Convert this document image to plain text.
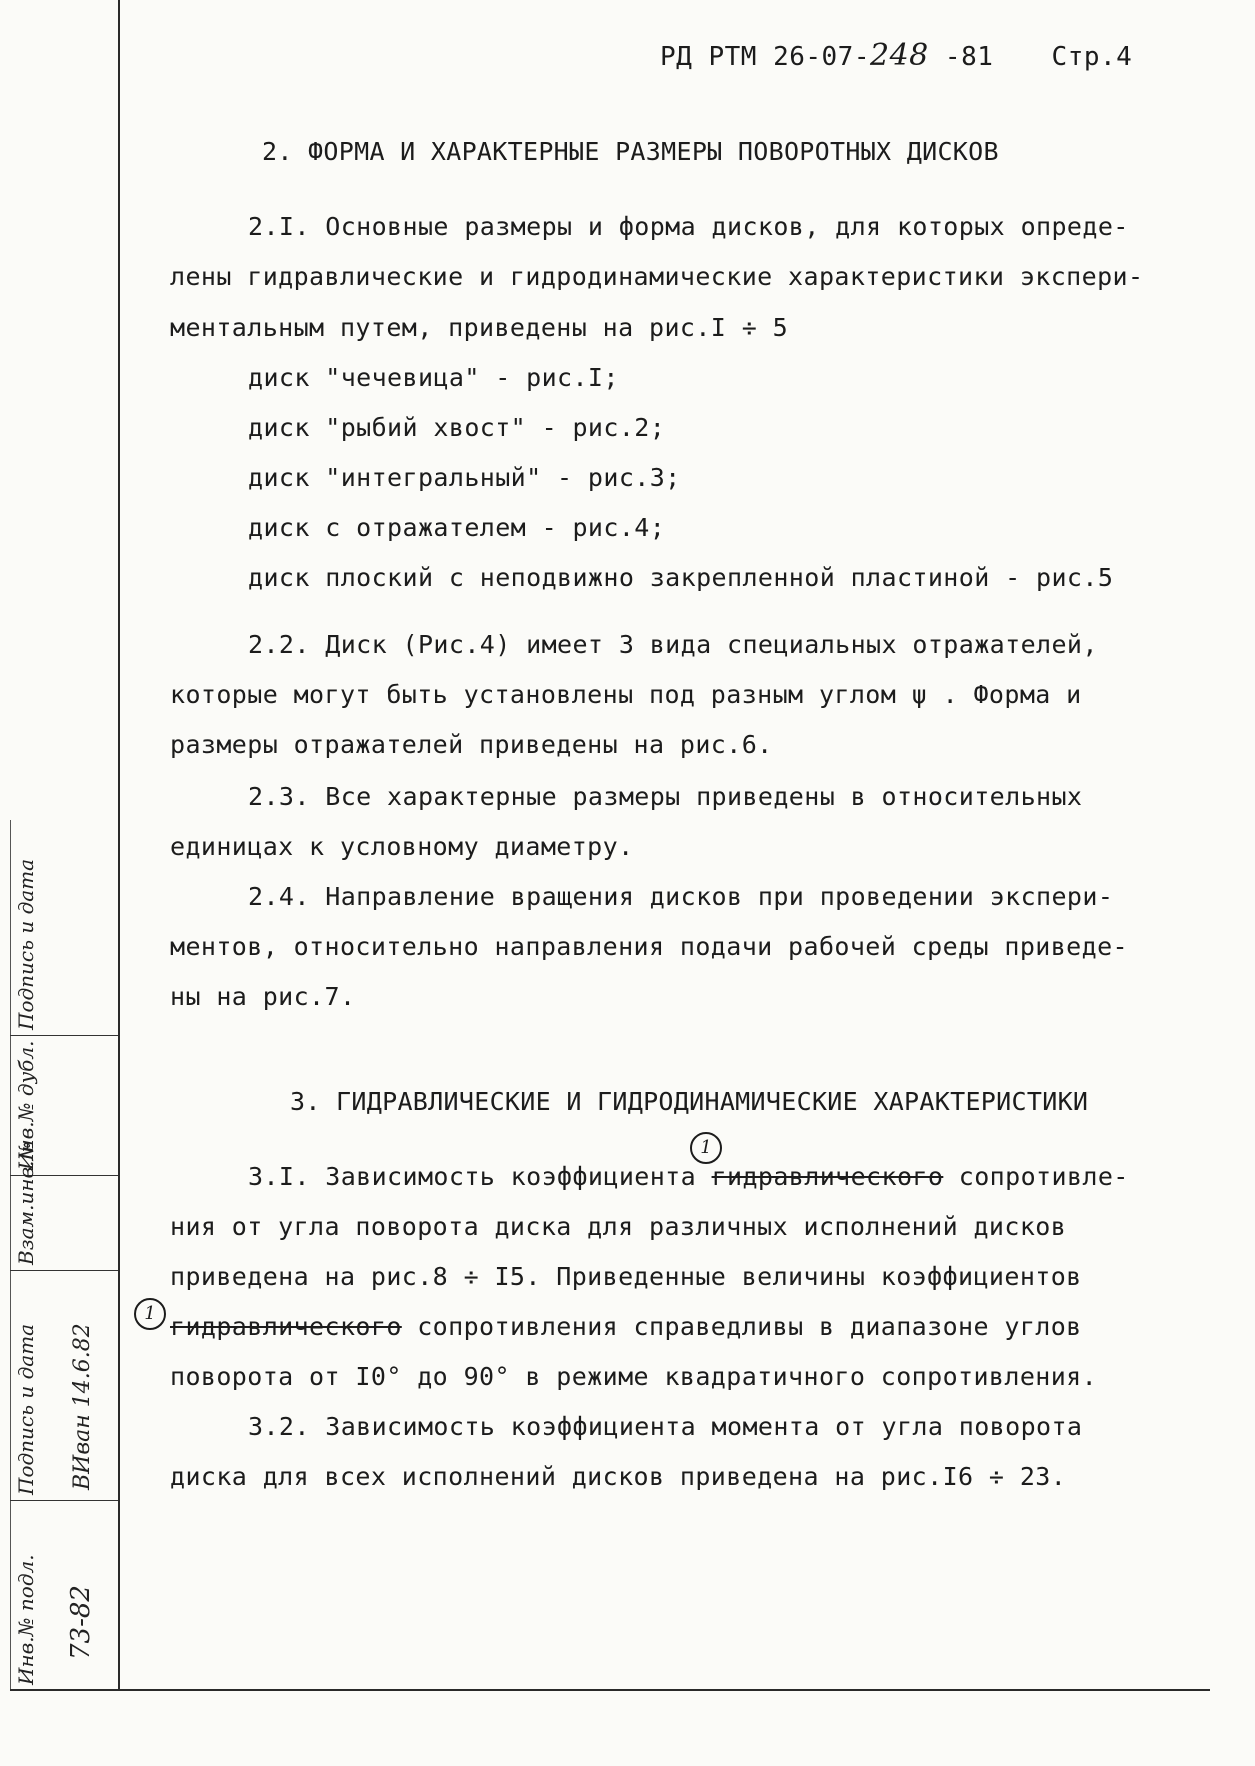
РД РТМ 26-07-248 -81 Стр.4
2. ФОРМА И ХАРАКТЕРНЫЕ РАЗМЕРЫ ПОВОРОТНЫХ ДИСКОВ
2.I. Основные размеры и форма дисков, для которых опреде-
лены гидравлические и гидродинамические характеристики экспери-
ментальным путем, приведены на рис.I ÷ 5
диск "чечевица" - рис.I;
диск "рыбий хвост" - рис.2;
диск "интегральный" - рис.3;
диск с отражателем - рис.4;
диск плоский с неподвижно закрепленной пластиной - рис.5
2.2. Диск (Рис.4) имеет 3 вида специальных отражателей,
которые могут быть установлены под разным углом ψ . Форма и
размеры отражателей приведены на рис.6.
2.3. Все характерные размеры приведены в относительных
единицах к условному диаметру.
2.4. Направление вращения дисков при проведении экспери-
ментов, относительно направления подачи рабочей среды приведе-
ны на рис.7.
3. ГИДРАВЛИЧЕСКИЕ И ГИДРОДИНАМИЧЕСКИЕ ХАРАКТЕРИСТИКИ
1
3.I. Зависимость коэффициента гидравлического сопротивле-
ния от угла поворота диска для различных исполнений дисков
приведена на рис.8 ÷ I5. Приведенные величины коэффициентов
1 гидравлического сопротивления справедливы в диапазоне углов
поворота от I0° до 90° в режиме квадратичного сопротивления.
3.2. Зависимость коэффициента момента от угла поворота
диска для всех исполнений дисков приведена на рис.I6 ÷ 23.
Инв.№ подл.
Подпись и дата
Взам.инв.№
Инв.№ дубл.
Подпись и дата
73-82
ВИван 14.6.82
